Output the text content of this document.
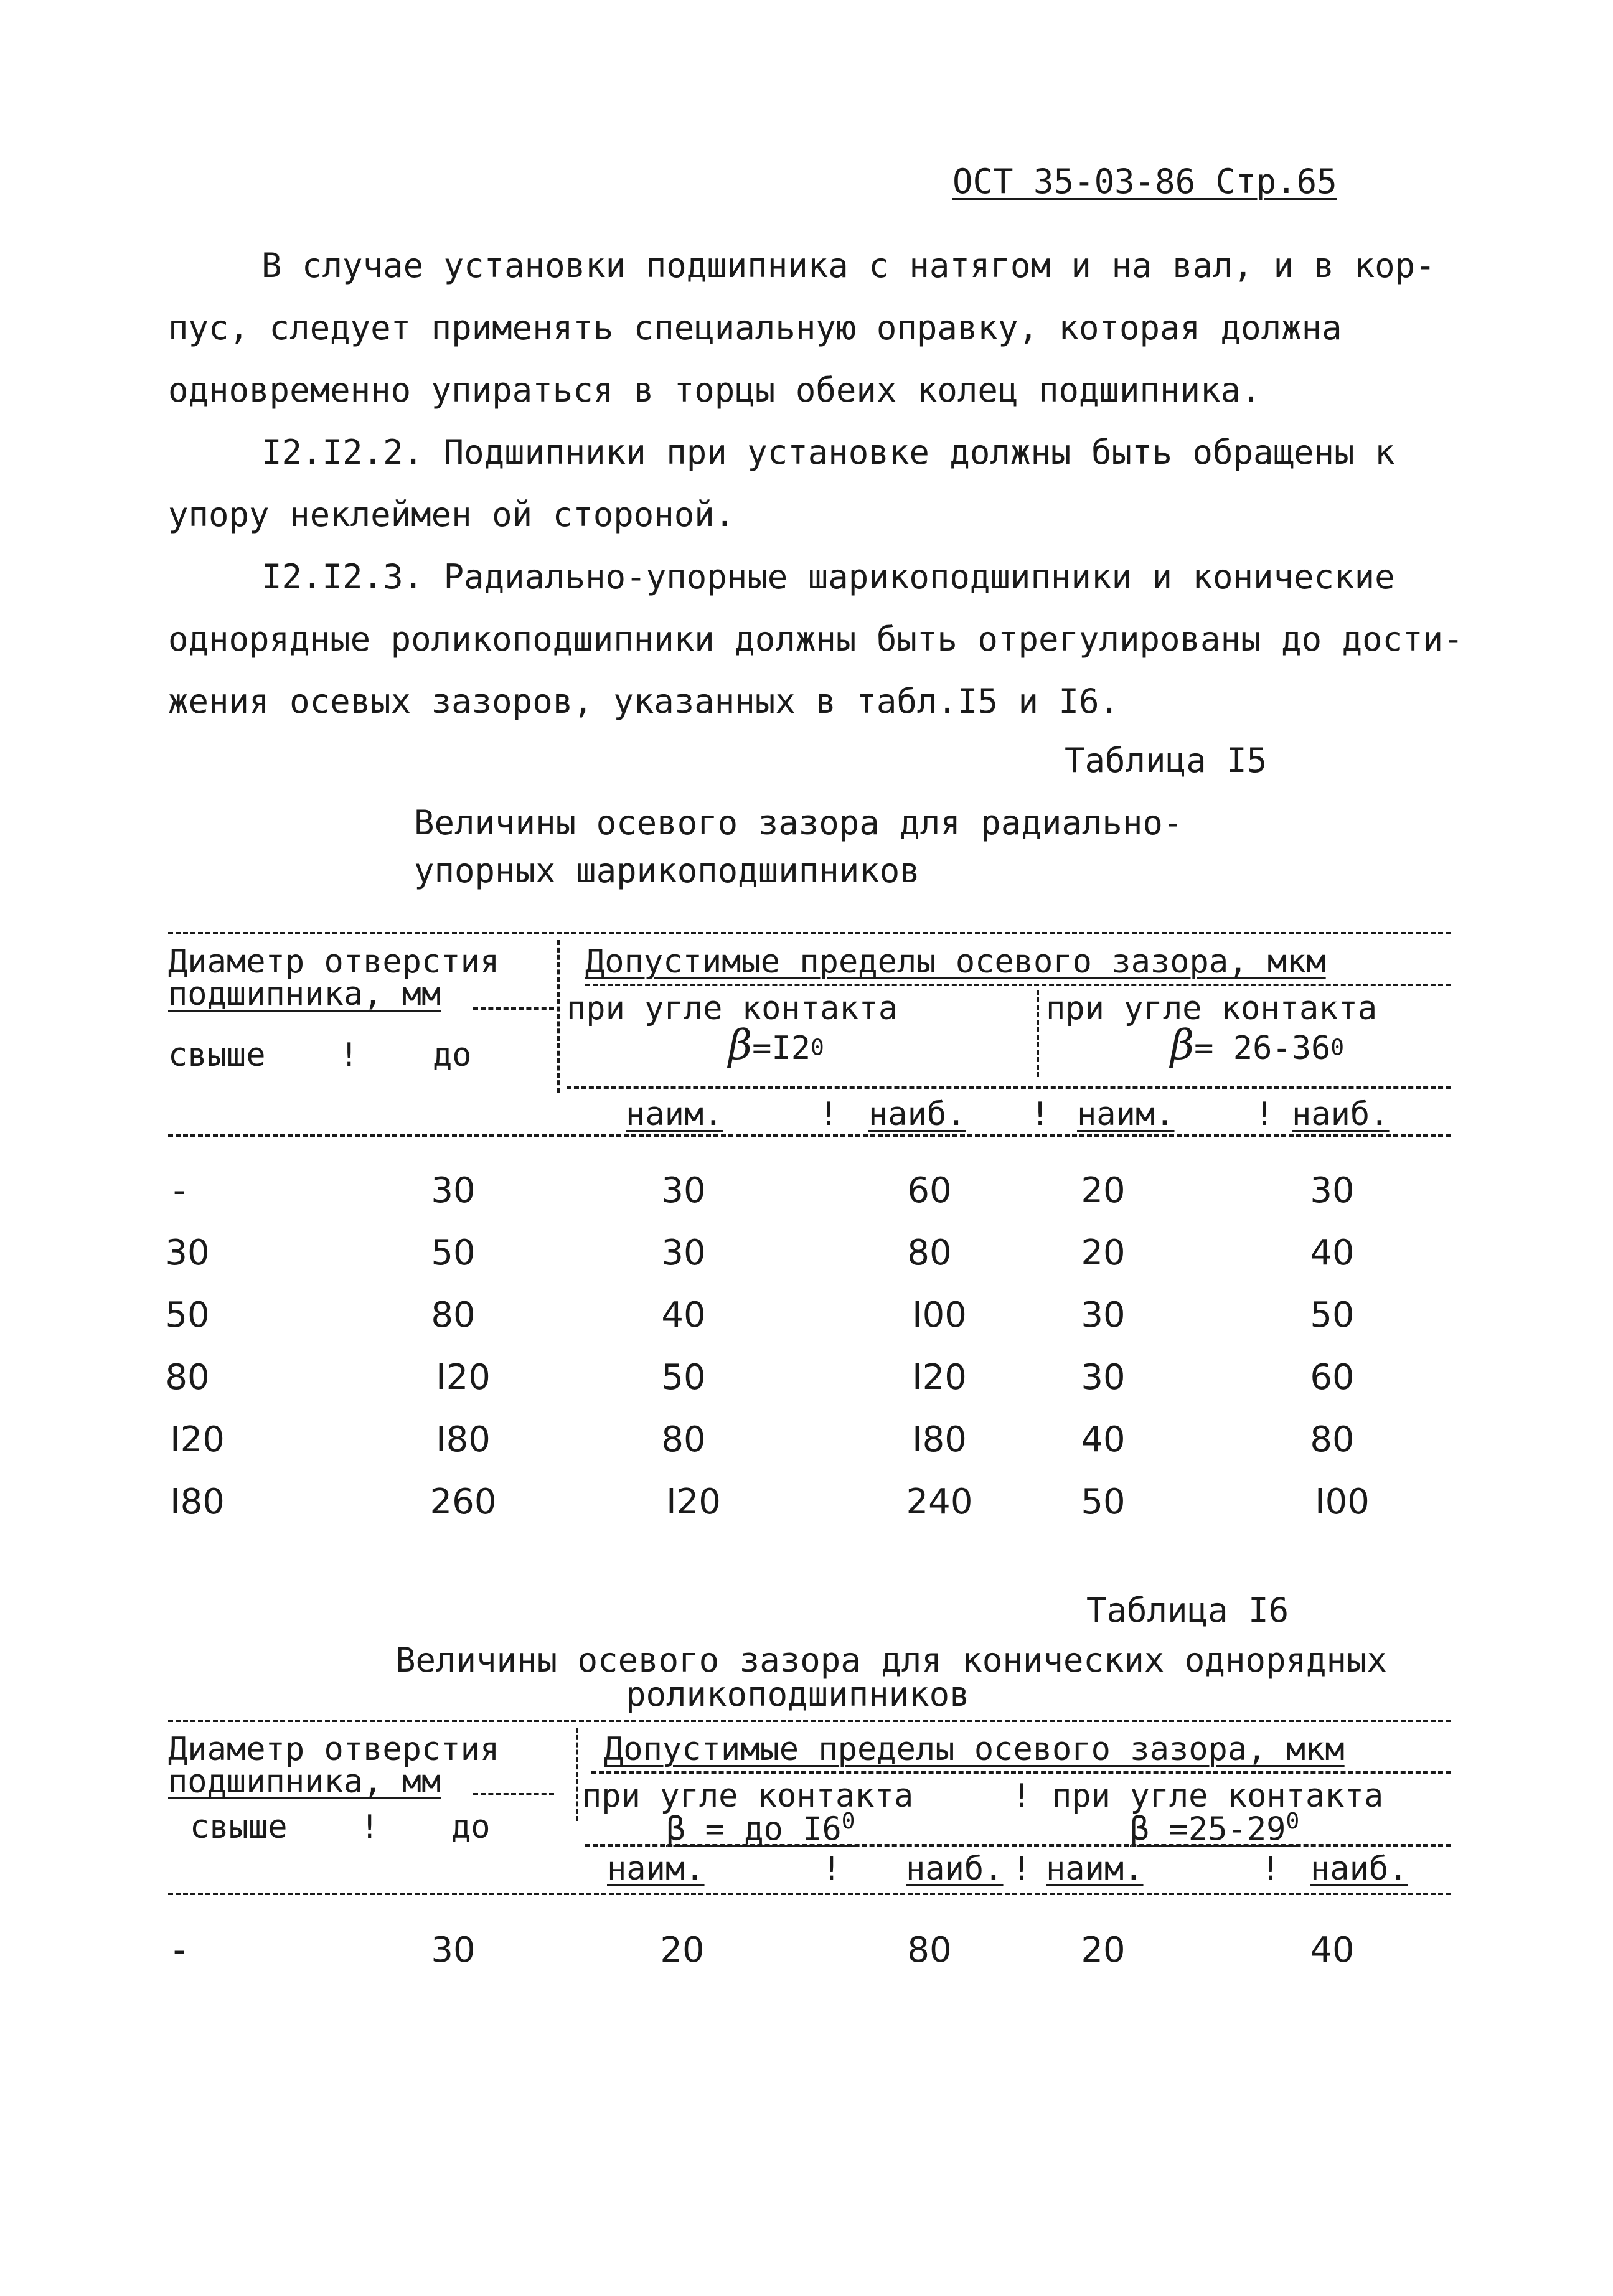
ОСТ 35-03-86 Стр.65
В случае установки подшипника с натягом и на вал, и в кор-
пус, следует применять специальную оправку, которая должна
одновременно упираться в торцы обеих колец подшипника.
I2.I2.2. Подшипники при установке должны быть обращены к
упору неклеймен ой стороной.
I2.I2.3. Радиально-упорные шарикоподшипники и конические
однорядные роликоподшипники должны быть отрегулированы до дости-
жения осевых зазоров, указанных в табл.I5 и I6.
Таблица I5
Величины осевого зазора для радиально-
упорных шарикоподшипников
Диаметр отверстия
подшипника, мм
Допустимые пределы осевого зазора, мкм
при угле контакта	при угле контакта
β=I20	β= 26-360
свыше ! до
наим.	! наиб. ! наим. ! наиб.
-	30	30	60	20	30
30	50	30	80	20	40
50	80	40	I00	30	50
80	I20	50	I20	30	60
I20	I80	80	I80	40	80
I80	260	I20	240	50	I00
Таблица I6
Величины осевого зазора для конических однорядных
роликоподшипников
Диаметр отверстия
подшипника, мм
Допустимые пределы осевого зазора, мкм
при угле контакта	! при угле контакта
свыше ! до	β = до $I6^0$	$\beta =25-29^0$
наим.	! наиб. ! наим.	! наиб.
-	30	20	80	20	40
